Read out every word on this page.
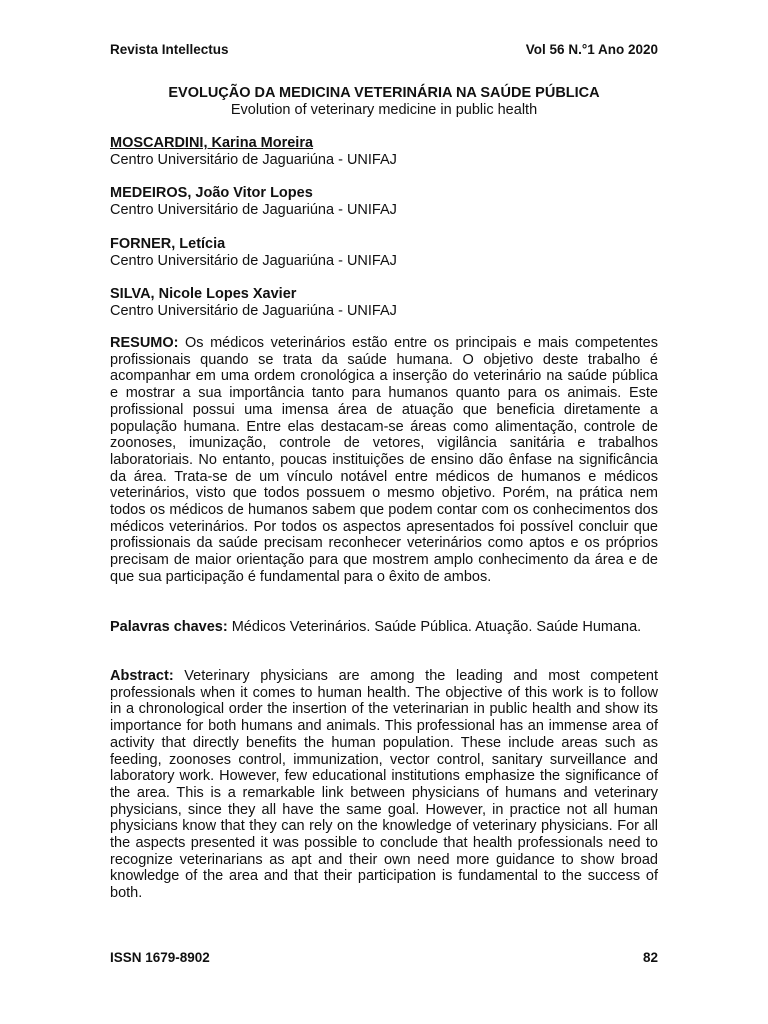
Revista Intellectus	Vol 56 N.°1 Ano 2020
EVOLUÇÃO DA MEDICINA VETERINÁRIA NA SAÚDE PÚBLICA
Evolution of veterinary medicine in public health
MOSCARDINI, Karina Moreira
Centro Universitário de Jaguariúna - UNIFAJ
MEDEIROS, João Vitor Lopes
Centro Universitário de Jaguariúna - UNIFAJ
FORNER, Letícia
Centro Universitário de Jaguariúna - UNIFAJ
SILVA, Nicole Lopes Xavier
Centro Universitário de Jaguariúna - UNIFAJ
RESUMO: Os médicos veterinários estão entre os principais e mais competentes profissionais quando se trata da saúde humana. O objetivo deste trabalho é acompanhar em uma ordem cronológica a inserção do veterinário na saúde pública e mostrar a sua importância tanto para humanos quanto para os animais. Este profissional possui uma imensa área de atuação que beneficia diretamente a população humana. Entre elas destacam-se áreas como alimentação, controle de zoonoses, imunização, controle de vetores, vigilância sanitária e trabalhos laboratoriais. No entanto, poucas instituições de ensino dão ênfase na significância da área. Trata-se de um vínculo notável entre médicos de humanos e médicos veterinários, visto que todos possuem o mesmo objetivo. Porém, na prática nem todos os médicos de humanos sabem que podem contar com os conhecimentos dos médicos veterinários. Por todos os aspectos apresentados foi possível concluir que profissionais da saúde precisam reconhecer veterinários como aptos e os próprios precisam de maior orientação para que mostrem amplo conhecimento da área e de que sua participação é fundamental para o êxito de ambos.
Palavras chaves: Médicos Veterinários. Saúde Pública. Atuação. Saúde Humana.
Abstract: Veterinary physicians are among the leading and most competent professionals when it comes to human health. The objective of this work is to follow in a chronological order the insertion of the veterinarian in public health and show its importance for both humans and animals. This professional has an immense area of activity that directly benefits the human population. These include areas such as feeding, zoonoses control, immunization, vector control, sanitary surveillance and laboratory work. However, few educational institutions emphasize the significance of the area. This is a remarkable link between physicians of humans and veterinary physicians, since they all have the same goal. However, in practice not all human physicians know that they can rely on the knowledge of veterinary physicians. For all the aspects presented it was possible to conclude that health professionals need to recognize veterinarians as apt and their own need more guidance to show broad knowledge of the area and that their participation is fundamental to the success of both.
ISSN 1679-8902	82
